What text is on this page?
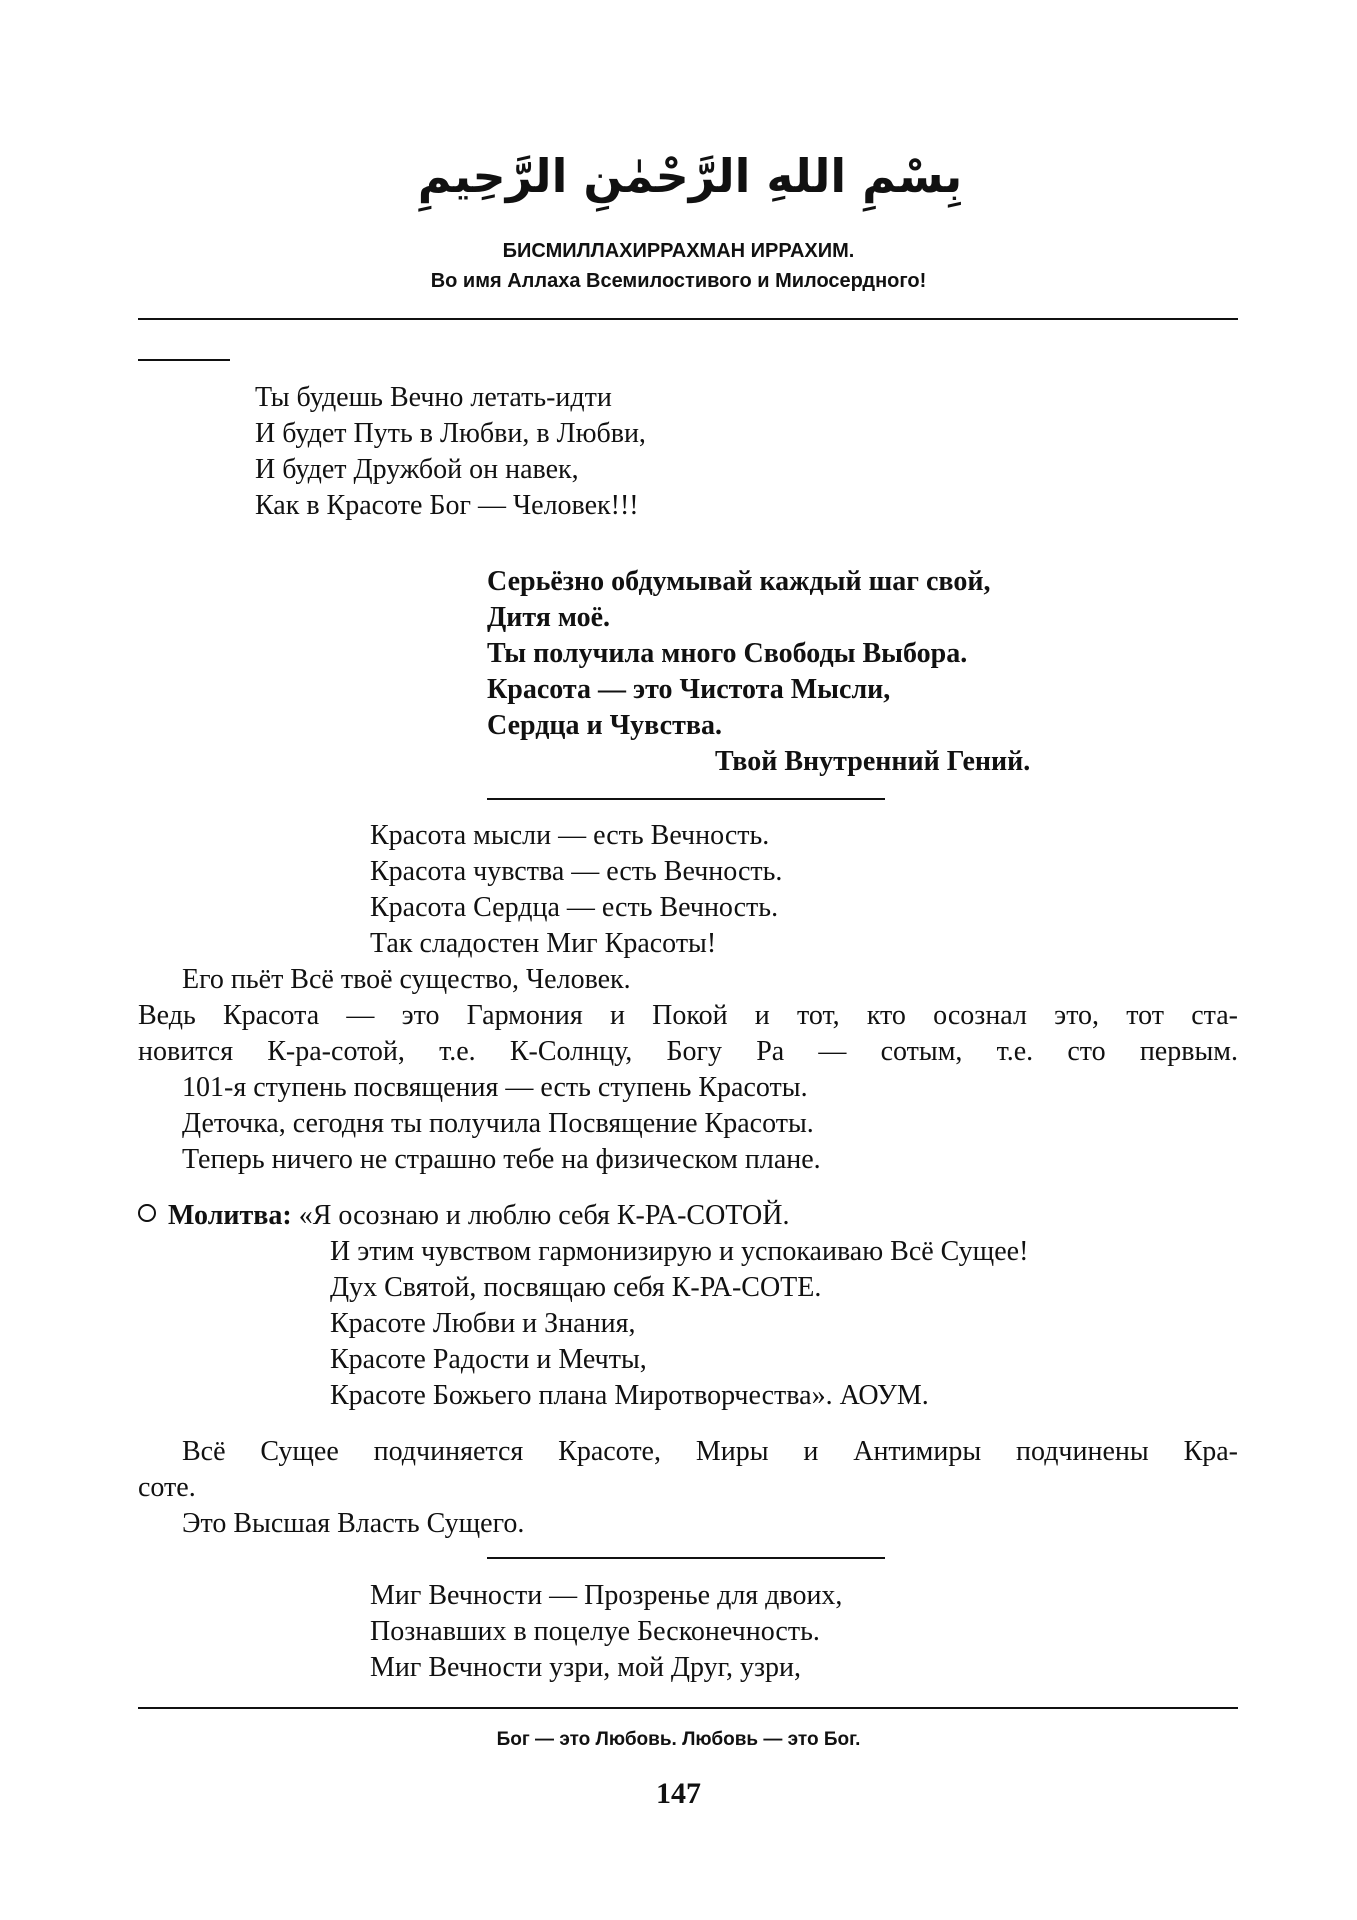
بِسْمِ اللهِ الرَّحْمٰنِ الرَّحِيمِ
БИСМИЛЛАХИРРАХМАН ИРРАХИМ.
Во имя Аллаха Всемилостивого и Милосердного!
Ты будешь Вечно летать-идти
И будет Путь в Любви, в Любви,
И будет Дружбой он навек,
Как в Красоте Бог — Человек!!!
Серьёзно обдумывай каждый шаг свой,
Дитя моё.
Ты получила много Свободы Выбора.
Красота — это Чистота Мысли,
Сердца и Чувства.
Твой Внутренний Гений.
Красота мысли — есть Вечность.
Красота чувства — есть Вечность.
Красота Сердца — есть Вечность.
Так сладостен Миг Красоты!
Его пьёт Всё твоё существо, Человек.
Ведь Красота — это Гармония и Покой и тот, кто осознал это, тот ста-
новится К-ра-сотой, т.е. К-Солнцу, Богу Ра — сотым, т.е. сто первым.
101-я ступень посвящения — есть ступень Красоты.
Деточка, сегодня ты получила Посвящение Красоты.
Теперь ничего не страшно тебе на физическом плане.
Молитва: «Я осознаю и люблю себя К-РА-СОТОЙ.
И этим чувством гармонизирую и успокаиваю Всё Сущее!
Дух Святой, посвящаю себя К-РА-СОТЕ.
Красоте Любви и Знания,
Красоте Радости и Мечты,
Красоте Божьего плана Миротворчества». АОУМ.
Всё Сущее подчиняется Красоте, Миры и Антимиры подчинены Кра-
соте.
Это Высшая Власть Сущего.
Миг Вечности — Прозренье для двоих,
Познавших в поцелуе Бесконечность.
Миг Вечности узри, мой Друг, узри,
Бог — это Любовь. Любовь — это Бог.
147
